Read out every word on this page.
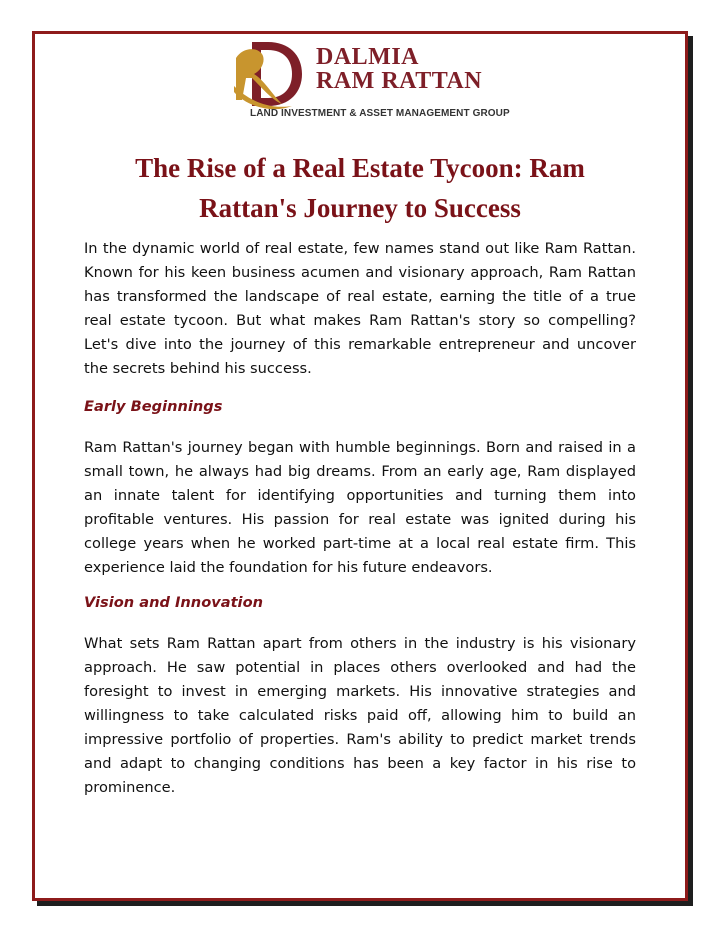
DALMIA
RAM RATTAN
LAND INVESTMENT & ASSET MANAGEMENT GROUP
The Rise of a Real Estate Tycoon: Ram Rattan's Journey to Success

In the dynamic world of real estate, few names stand out like Ram Rattan. Known for his keen business acumen and visionary approach, Ram Rattan has transformed the landscape of real estate, earning the title of a true real estate tycoon. But what makes Ram Rattan's story so compelling? Let's dive into the journey of this remarkable entrepreneur and uncover the secrets behind his success.

Early Beginnings

Ram Rattan's journey began with humble beginnings. Born and raised in a small town, he always had big dreams. From an early age, Ram displayed an innate talent for identifying opportunities and turning them into profitable ventures. His passion for real estate was ignited during his college years when he worked part-time at a local real estate firm. This experience laid the foundation for his future endeavors.

Vision and Innovation

What sets Ram Rattan apart from others in the industry is his visionary approach. He saw potential in places others overlooked and had the foresight to invest in emerging markets. His innovative strategies and willingness to take calculated risks paid off, allowing him to build an impressive portfolio of properties. Ram's ability to predict market trends and adapt to changing conditions has been a key factor in his rise to prominence.
